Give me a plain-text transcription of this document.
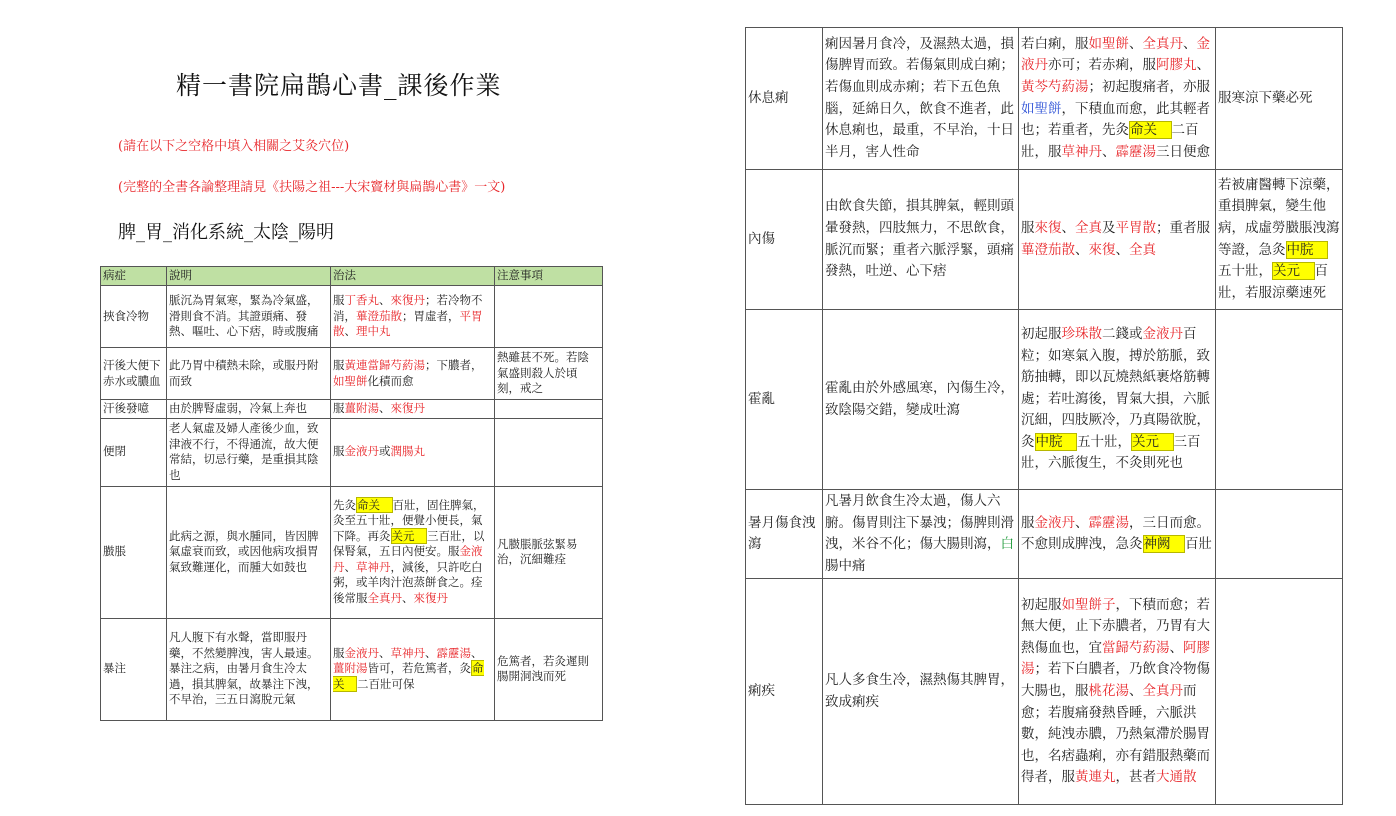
精一書院扁鵲心書_課後作業
(請在以下之空格中填入相關之艾灸穴位)
(完整的全書各論整理請見《扶陽之祖---大宋竇材與扁鵲心書》一文)
脾_胃_消化系統_太陰_陽明
病症	說明	治法	注意事項
挾食冷物	脈沉為胃氣寒，緊為冷氣盛，滑則食不消。其證頭痛、發熱、嘔吐、心下痞，時或腹痛	服丁香丸、來復丹；若冷物不消，蓽澄茄散；胃虛者，平胃散、理中丸	
汗後大便下赤水或膿血	此乃胃中積熱未除，或服丹附而致	服黃連當歸芍葯湯；下膿者，如聖餅化積而愈	熱雖甚不死。若陰氣盛則殺人於頃刻，戒之
汗後發噫	由於脾腎虛弱，冷氣上奔也	服薑附湯、來復丹	
便閉	老人氣虛及婦人產後少血，致津液不行，不得通流，故大便常結，切忌行藥，是重損其陰也	服金液丹或潤腸丸	
臌脹	此病之源，與水腫同，皆因脾氣虛衰而致，或因他病攻損胃氣致難運化，而腫大如鼓也	先灸命关　百壯，固住脾氣，灸至五十壯，便覺小便長，氣下降。再灸关元　三百壯，以保腎氣，五日內便安。服金液丹、草神丹，減後，只許吃白粥，或羊肉汁泡蒸餅食之。痊後常服全真丹、來復丹	凡臌脹脈弦緊易治，沉細難痊
暴注	凡人腹下有水聲，當即服丹藥，不然變脾洩，害人最速。暴注之病，由暑月食生冷太過，損其脾氣，故暴注下洩，不早治，三五日瀉脫元氣	服金液丹、草神丹、霹靂湯、薑附湯皆可，若危篤者，灸命关　二百壯可保	危篤者，若灸遲則腸開洞洩而死
休息痢	痢因暑月食冷，及濕熱太過，損傷脾胃而致。若傷氣則成白痢；若傷血則成赤痢；若下五色魚腦，延綿日久，飲食不進者，此休息痢也，最重，不早治，十日半月，害人性命	若白痢，服如聖餅、全真丹、金液丹亦可；若赤痢，服阿膠丸、黃芩芍葯湯；初起腹痛者，亦服如聖餅，下積血而愈，此其輕者也；若重者，先灸命关　二百壯，服草神丹、霹靂湯三日便愈	服寒涼下藥必死
內傷	由飲食失節，損其脾氣，輕則頭暈發熱，四肢無力，不思飲食，脈沉而緊；重者六脈浮緊，頭痛發熱，吐逆、心下痞	服來復、全真及平胃散；重者服蓽澄茄散、來復、全真	若被庸醫轉下涼藥，重損脾氣，變生他病，成虛勞臌脹洩瀉等證，急灸中脘　五十壯，关元　百壯，若服涼藥速死
霍亂	霍亂由於外感風寒，內傷生冷，致陰陽交錯，變成吐瀉	初起服珍珠散二錢或金液丹百粒；如寒氣入腹，搏於筋脈，致筋抽轉，即以瓦燒熱紙裹烙筋轉處；若吐瀉後，胃氣大損，六脈沉細，四肢厥冷，乃真陽欲脫，灸中脘　五十壯，关元　三百壯，六脈復生，不灸則死也	
暑月傷食洩瀉	凡暑月飲食生冷太過，傷人六腑。傷胃則注下暴洩；傷脾則滑洩，米谷不化；傷大腸則瀉，白腸中痛	服金液丹、霹靂湯，三日而愈。不愈則成脾洩，急灸神阙　百壯	
痢疾	凡人多食生冷，濕熱傷其脾胃，致成痢疾	初起服如聖餅子，下積而愈；若無大便，止下赤膿者，乃胃有大熱傷血也，宜當歸芍葯湯、阿膠湯；若下白膿者，乃飲食冷物傷大腸也，服桃花湯、全真丹而愈；若腹痛發熱昏睡，六脈洪數，純洩赤膿，乃熱氣滯於腸胃也，名痞蟲痢，亦有錯服熱藥而得者，服黃連丸，甚者大通散	
